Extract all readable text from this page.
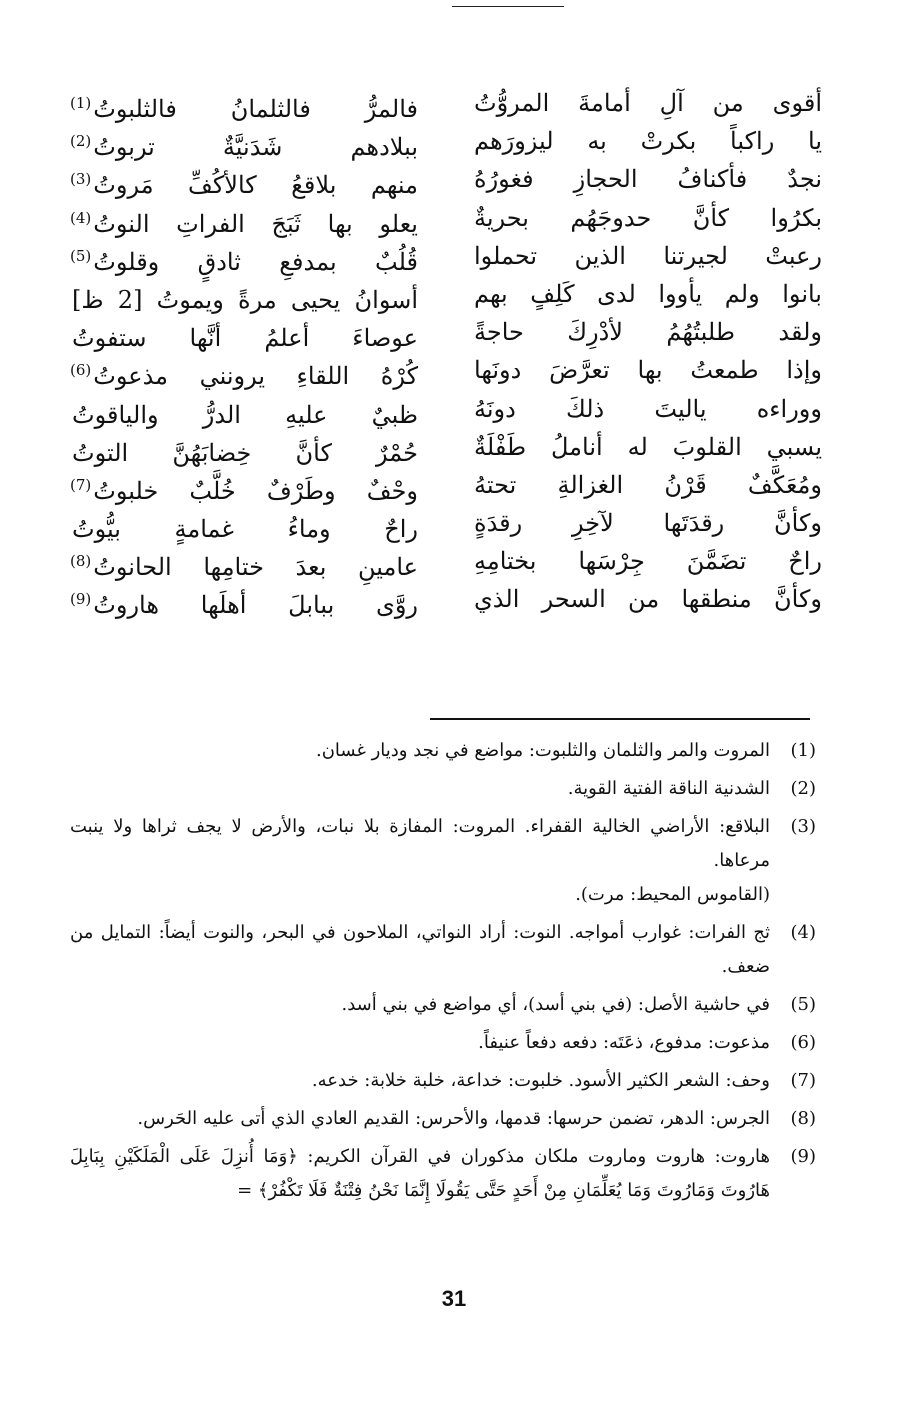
أقوى من آلِ أمامةَ المروُّتُ
فالمرُّ فالثلمانُ فالثلبوتُ$^{(1)}$
يا راكباً بكرتْ به ليزورَهم
ببلادهم شَدَنيَّةٌ تربوتُ$^{(2)}$
نجدٌ فأكنافُ الحجازِ فغورُهُ
منهم بلاقعُ كالأكُفِّ مَروتُ$^{(3)}$
بكرُوا كأنَّ حدوجَهُم بحريةٌ
يعلو بها ثَبَجَ الفراتِ النوتُ$^{(4)}$
رعبتْ لجيرتنا الذين تحملوا
قُلُبٌ بمدفعِ ثادقٍ وقلوتُ$^{(5)}$
بانوا ولم يأووا لدى كَلِفٍ بهم
أسوانُ يحيى مرةً ويموتُ [2 ظ]
ولقد طلبتُهُمُ لأدْرِكَ حاجةً
عوصاءَ أعلمُ أنَّها ستفوتُ
وإذا طمعتُ بها تعرَّضَ دونَها
كُرْهُ اللقاءِ يرونني مذعوتُ$^{(6)}$
ووراءه ياليتَ ذلكَ دونَهُ
ظبيٌ عليهِ الدرُّ والياقوتُ
يسبي القلوبَ له أناملُ طَفْلَةٌ
حُمْرٌ كأنَّ خِضابَهُنَّ التوتُ
ومُعَكَّفٌ قَرْنُ الغزالةِ تحتهُ
وحْفٌ وطَرْفٌ خُلَّبٌ خلبوتُ$^{(7)}$
وكأنَّ رقدَتَها لآخِرِ رقدَةٍ
راحٌ وماءُ غمامةٍ بيُّوتُ
راحٌ تضَمَّنَ جِرْسَها بختامِهِ
عامينِ بعدَ ختامِها الحانوتُ$^{(8)}$
وكأنَّ منطقها من السحر الذي
روَّى ببابلَ أهلَها هاروتُ$^{(9)}$
(1)

المروت والمر والثلمان والثلبوت: مواضع في نجد وديار غسان.

(2)

الشدنية الناقة الفتية القوية.

(3)

البلاقع: الأراضي الخالية القفراء. المروت: المفازة بلا نبات، والأرض لا يجف ثراها ولا ينبت مرعاها.

(القاموس المحيط: مرت).

(4)

ثج الفرات: غوارب أمواجه. النوت: أراد النواتي، الملاحون في البحر، والنوت أيضاً: التمايل من ضعف.

(5)

في حاشية الأصل: (في بني أسد)، أي مواضع في بني أسد.

(6)

مذعوت: مدفوع، ذعَتَه: دفعه دفعاً عنيفاً.

(7)

وحف: الشعر الكثير الأسود. خلبوت: خداعة، خلبة خلابة: خدعه.

(8)

الجرس: الدهر، تضمن حرسها: قدمها، والأحرس: القديم العادي الذي أتى عليه الحَرس.

(9)

هاروت: هاروت وماروت ملكان مذكوران في القرآن الكريم: ﴿وَمَا أُنزِلَ عَلَى الْمَلَكَيْنِ بِبَابِلَ هَارُوتَ وَمَارُوتَ وَمَا يُعَلِّمَانِ مِنْ أَحَدٍ حَتَّى يَقُولَا إِنَّمَا نَحْنُ فِتْنَةٌ فَلَا تَكْفُرْ﴾ =

31
